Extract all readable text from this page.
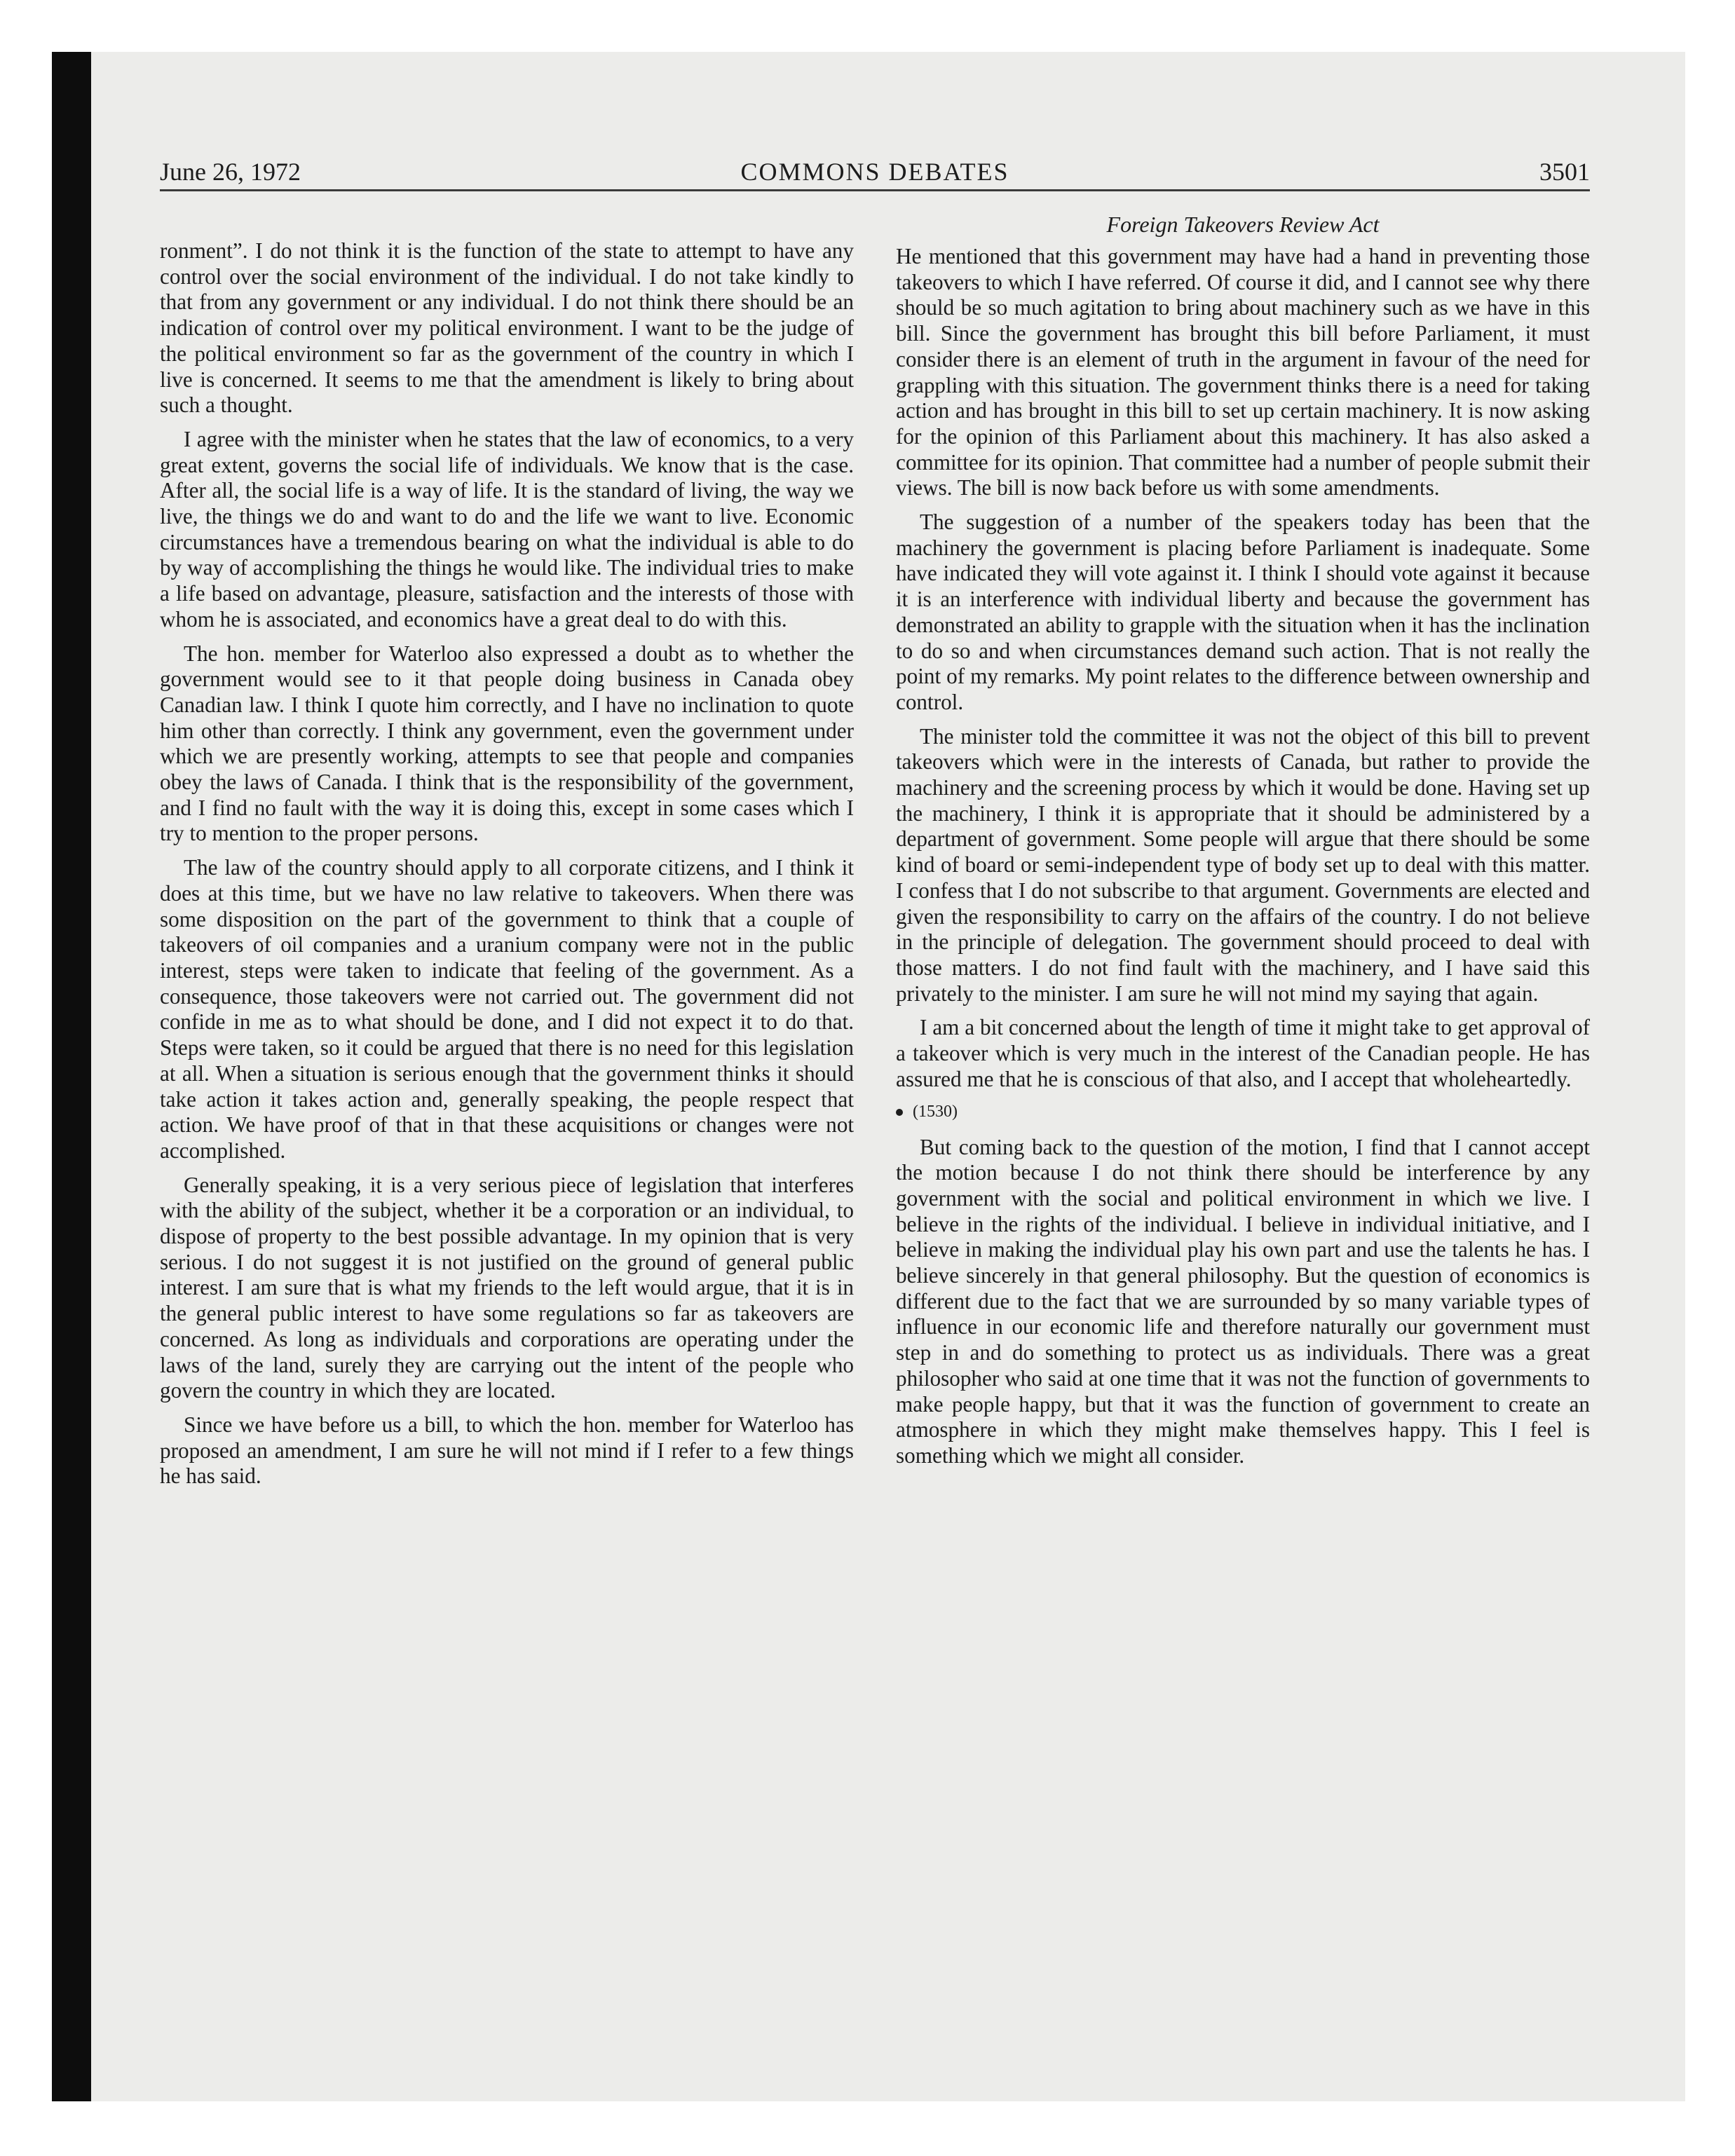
June 26, 1972	COMMONS DEBATES	3501

ronment”. I do not think it is the function of the state to attempt to have any control over the social environment of the individual. I do not take kindly to that from any government or any individual. I do not think there should be an indication of control over my political environment. I want to be the judge of the political environment so far as the government of the country in which I live is concerned. It seems to me that the amendment is likely to bring about such a thought.

I agree with the minister when he states that the law of economics, to a very great extent, governs the social life of individuals. We know that is the case. After all, the social life is a way of life. It is the standard of living, the way we live, the things we do and want to do and the life we want to live. Economic circumstances have a tremendous bearing on what the individual is able to do by way of accomplishing the things he would like. The individual tries to make a life based on advantage, pleasure, satisfaction and the interests of those with whom he is associated, and economics have a great deal to do with this.

The hon. member for Waterloo also expressed a doubt as to whether the government would see to it that people doing business in Canada obey Canadian law. I think I quote him correctly, and I have no inclination to quote him other than correctly. I think any government, even the government under which we are presently working, attempts to see that people and companies obey the laws of Canada. I think that is the responsibility of the government, and I find no fault with the way it is doing this, except in some cases which I try to mention to the proper persons.

The law of the country should apply to all corporate citizens, and I think it does at this time, but we have no law relative to takeovers. When there was some disposition on the part of the government to think that a couple of takeovers of oil companies and a uranium company were not in the public interest, steps were taken to indicate that feeling of the government. As a consequence, those takeovers were not carried out. The government did not confide in me as to what should be done, and I did not expect it to do that. Steps were taken, so it could be argued that there is no need for this legislation at all. When a situation is serious enough that the government thinks it should take action it takes action and, generally speaking, the people respect that action. We have proof of that in that these acquisitions or changes were not accomplished.

Generally speaking, it is a very serious piece of legislation that interferes with the ability of the subject, whether it be a corporation or an individual, to dispose of property to the best possible advantage. In my opinion that is very serious. I do not suggest it is not justified on the ground of general public interest. I am sure that is what my friends to the left would argue, that it is in the general public interest to have some regulations so far as takeovers are concerned. As long as individuals and corporations are operating under the laws of the land, surely they are carrying out the intent of the people who govern the country in which they are located.

Since we have before us a bill, to which the hon. member for Waterloo has proposed an amendment, I am sure he will not mind if I refer to a few things he has said.

Foreign Takeovers Review Act

He mentioned that this government may have had a hand in preventing those takeovers to which I have referred. Of course it did, and I cannot see why there should be so much agitation to bring about machinery such as we have in this bill. Since the government has brought this bill before Parliament, it must consider there is an element of truth in the argument in favour of the need for grappling with this situation. The government thinks there is a need for taking action and has brought in this bill to set up certain machinery. It is now asking for the opinion of this Parliament about this machinery. It has also asked a committee for its opinion. That committee had a number of people submit their views. The bill is now back before us with some amendments.

The suggestion of a number of the speakers today has been that the machinery the government is placing before Parliament is inadequate. Some have indicated they will vote against it. I think I should vote against it because it is an interference with individual liberty and because the government has demonstrated an ability to grapple with the situation when it has the inclination to do so and when circumstances demand such action. That is not really the point of my remarks. My point relates to the difference between ownership and control.

The minister told the committee it was not the object of this bill to prevent takeovers which were in the interests of Canada, but rather to provide the machinery and the screening process by which it would be done. Having set up the machinery, I think it is appropriate that it should be administered by a department of government. Some people will argue that there should be some kind of board or semi-independent type of body set up to deal with this matter. I confess that I do not subscribe to that argument. Governments are elected and given the responsibility to carry on the affairs of the country. I do not believe in the principle of delegation. The government should proceed to deal with those matters. I do not find fault with the machinery, and I have said this privately to the minister. I am sure he will not mind my saying that again.

I am a bit concerned about the length of time it might take to get approval of a takeover which is very much in the interest of the Canadian people. He has assured me that he is conscious of that also, and I accept that wholeheartedly.

(1530)

But coming back to the question of the motion, I find that I cannot accept the motion because I do not think there should be interference by any government with the social and political environment in which we live. I believe in the rights of the individual. I believe in individual initiative, and I believe in making the individual play his own part and use the talents he has. I believe sincerely in that general philosophy. But the question of economics is different due to the fact that we are surrounded by so many variable types of influence in our economic life and therefore naturally our government must step in and do something to protect us as individuals. There was a great philosopher who said at one time that it was not the function of governments to make people happy, but that it was the function of government to create an atmosphere in which they might make themselves happy. This I feel is something which we might all consider.
